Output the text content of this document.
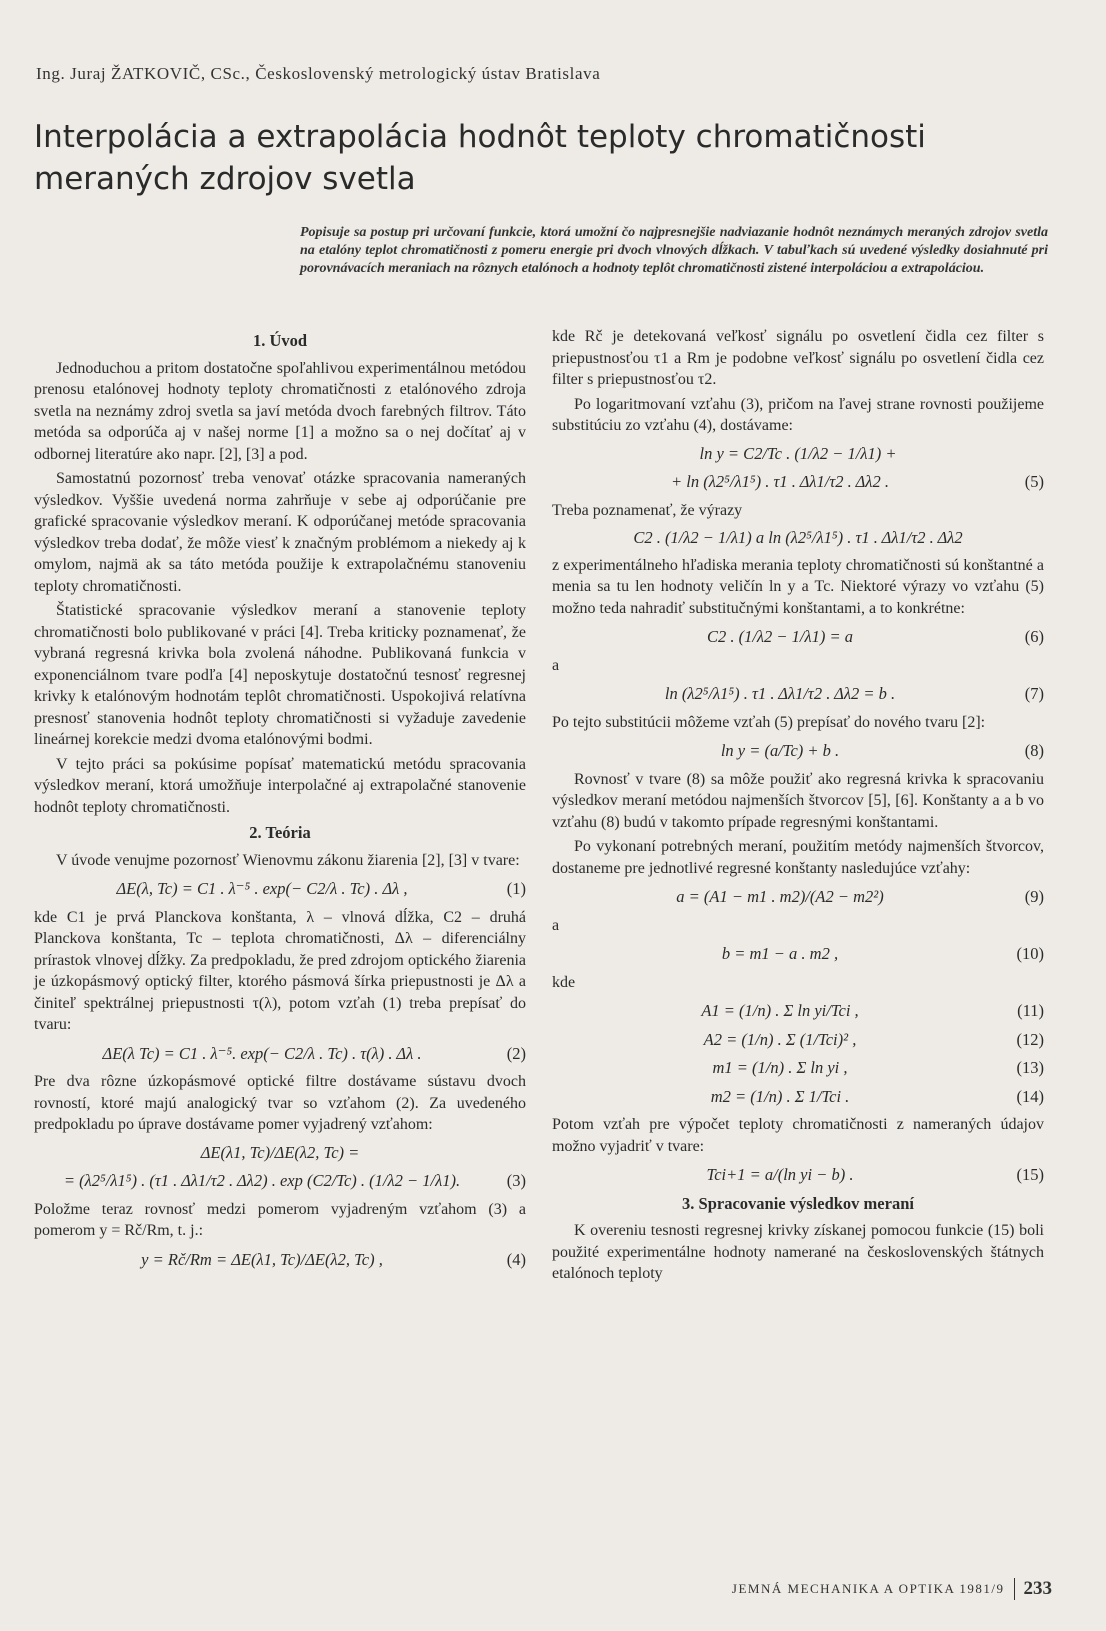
Ing. Juraj ŽATKOVIČ, CSc., Československý metrologický ústav Bratislava
Interpolácia a extrapolácia hodnôt teploty chromatičnosti
meraných zdrojov svetla
Popisuje sa postup pri určovaní funkcie, ktorá umožní čo najpresnejšie nadviazanie hodnôt neznámych meraných zdrojov svetla na etalóny teplot chromatičnosti z pomeru energie pri dvoch vlnových dĺžkach. V tabuľkach sú uvedené výsledky dosiahnuté pri porovnávacích meraniach na rôznych etalónoch a hodnoty teplôt chromatičnosti zistené interpoláciou a extrapoláciou.
1. Úvod

Jednoduchou a pritom dostatočne spoľahlivou experimentálnou metódou prenosu etalónovej hodnoty teploty chromatičnosti z etalónového zdroja svetla na neznámy zdroj svetla sa javí metóda dvoch farebných filtrov. Táto metóda sa odporúča aj v našej norme [1] a možno sa o nej dočítať aj v odbornej literatúre ako napr. [2], [3] a pod.

Samostatnú pozornosť treba venovať otázke spracovania nameraných výsledkov. Vyššie uvedená norma zahrňuje v sebe aj odporúčanie pre grafické spracovanie výsledkov meraní. K odporúčanej metóde spracovania výsledkov treba dodať, že môže viesť k značným problémom a niekedy aj k omylom, najmä ak sa táto metóda použije k extrapolačnému stanoveniu teploty chromatičnosti.

Štatistické spracovanie výsledkov meraní a stanovenie teploty chromatičnosti bolo publikované v práci [4]. Treba kriticky poznamenať, že vybraná regresná krivka bola zvolená náhodne. Publikovaná funkcia v exponenciálnom tvare podľa [4] neposkytuje dostatočnú tesnosť regresnej krivky k etalónovým hodnotám teplôt chromatičnosti. Uspokojivá relatívna presnosť stanovenia hodnôt teploty chromatičnosti si vyžaduje zavedenie lineárnej korekcie medzi dvoma etalónovými bodmi.

V tejto práci sa pokúsime popísať matematickú metódu spracovania výsledkov meraní, ktorá umožňuje interpolačné aj extrapolačné stanovenie hodnôt teploty chromatičnosti.

2. Teória

V úvode venujme pozornosť Wienovmu zákonu žiarenia [2], [3] v tvare:

ΔE(λ, Tc) = C1 . λ⁻⁵ . exp(− C2/λ . Tc) . Δλ ,	(1)

kde C1 je prvá Planckova konštanta, λ – vlnová dĺžka, C2 – druhá Planckova konštanta, Tc – teplota chromatičnosti, Δλ – diferenciálny prírastok vlnovej dĺžky. Za predpokladu, že pred zdrojom optického žiarenia je úzkopásmový optický filter, ktorého pásmová šírka priepustnosti je Δλ a činiteľ spektrálnej priepustnosti τ(λ), potom vzťah (1) treba prepísať do tvaru:

ΔE(λ Tc) = C1 . λ⁻⁵. exp(− C2/λ . Tc) . τ(λ) . Δλ .	(2)

Pre dva rôzne úzkopásmové optické filtre dostávame sústavu dvoch rovností, ktoré majú analogický tvar so vzťahom (2). Za uvedeného predpokladu po úprave dostávame pomer vyjadrený vzťahom:

ΔE(λ1, Tc)/ΔE(λ2, Tc) =
= (λ2⁵/λ1⁵) . (τ1 . Δλ1/τ2 . Δλ2) . exp (C2/Tc) . (1/λ2 − 1/λ1).	(3)

Položme teraz rovnosť medzi pomerom vyjadreným vzťahom (3) a pomerom y = Rč/Rm, t. j.:

y = Rč/Rm = ΔE(λ1, Tc)/ΔE(λ2, Tc) ,	(4)

kde Rč je detekovaná veľkosť signálu po osvetlení čidla cez filter s priepustnosťou τ1 a Rm je podobne veľkosť signálu po osvetlení čidla cez filter s priepustnosťou τ2.

Po logaritmovaní vzťahu (3), pričom na ľavej strane rovnosti použijeme substitúciu zo vzťahu (4), dostávame:

ln y = C2/Tc . (1/λ2 − 1/λ1) +
+ ln (λ2⁵/λ1⁵) . τ1 . Δλ1/τ2 . Δλ2 .	(5)

Treba poznamenať, že výrazy

C2 . (1/λ2 − 1/λ1) a ln (λ2⁵/λ1⁵) . τ1 . Δλ1/τ2 . Δλ2

z experimentálneho hľadiska merania teploty chromatičnosti sú konštantné a menia sa tu len hodnoty veličín ln y a Tc. Niektoré výrazy vo vzťahu (5) možno teda nahradiť substitučnými konštantami, a to konkrétne:

C2 . (1/λ2 − 1/λ1) = a	(6)
a
ln (λ2⁵/λ1⁵) . τ1 . Δλ1/τ2 . Δλ2 = b .	(7)

Po tejto substitúcii môžeme vzťah (5) prepísať do nového tvaru [2]:

ln y = (a/Tc) + b .	(8)

Rovnosť v tvare (8) sa môže použiť ako regresná krivka k spracovaniu výsledkov meraní metódou najmenších štvorcov [5], [6]. Konštanty a a b vo vzťahu (8) budú v takomto prípade regresnými konštantami.

Po vykonaní potrebných meraní, použitím metódy najmenších štvorcov, dostaneme pre jednotlivé regresné konštanty nasledujúce vzťahy:

a = (A1 − m1 . m2)/(A2 − m2²)	(9)
a
b = m1 − a . m2 ,	(10)
kde
A1 = (1/n) . Σ ln yi/Tci ,	(11)
A2 = (1/n) . Σ (1/Tci)² ,	(12)
m1 = (1/n) . Σ ln yi ,	(13)
m2 = (1/n) . Σ 1/Tci .	(14)

Potom vzťah pre výpočet teploty chromatičnosti z nameraných údajov možno vyjadriť v tvare:

Tci+1 = a/(ln yi − b) .	(15)
3. Spracovanie výsledkov meraní

K overeniu tesnosti regresnej krivky získanej pomocou funkcie (15) boli použité experimentálne hodnoty namerané na československých štátnych etalónoch teploty

JEMNÁ MECHANIKA A OPTIKA 1981/9 233
